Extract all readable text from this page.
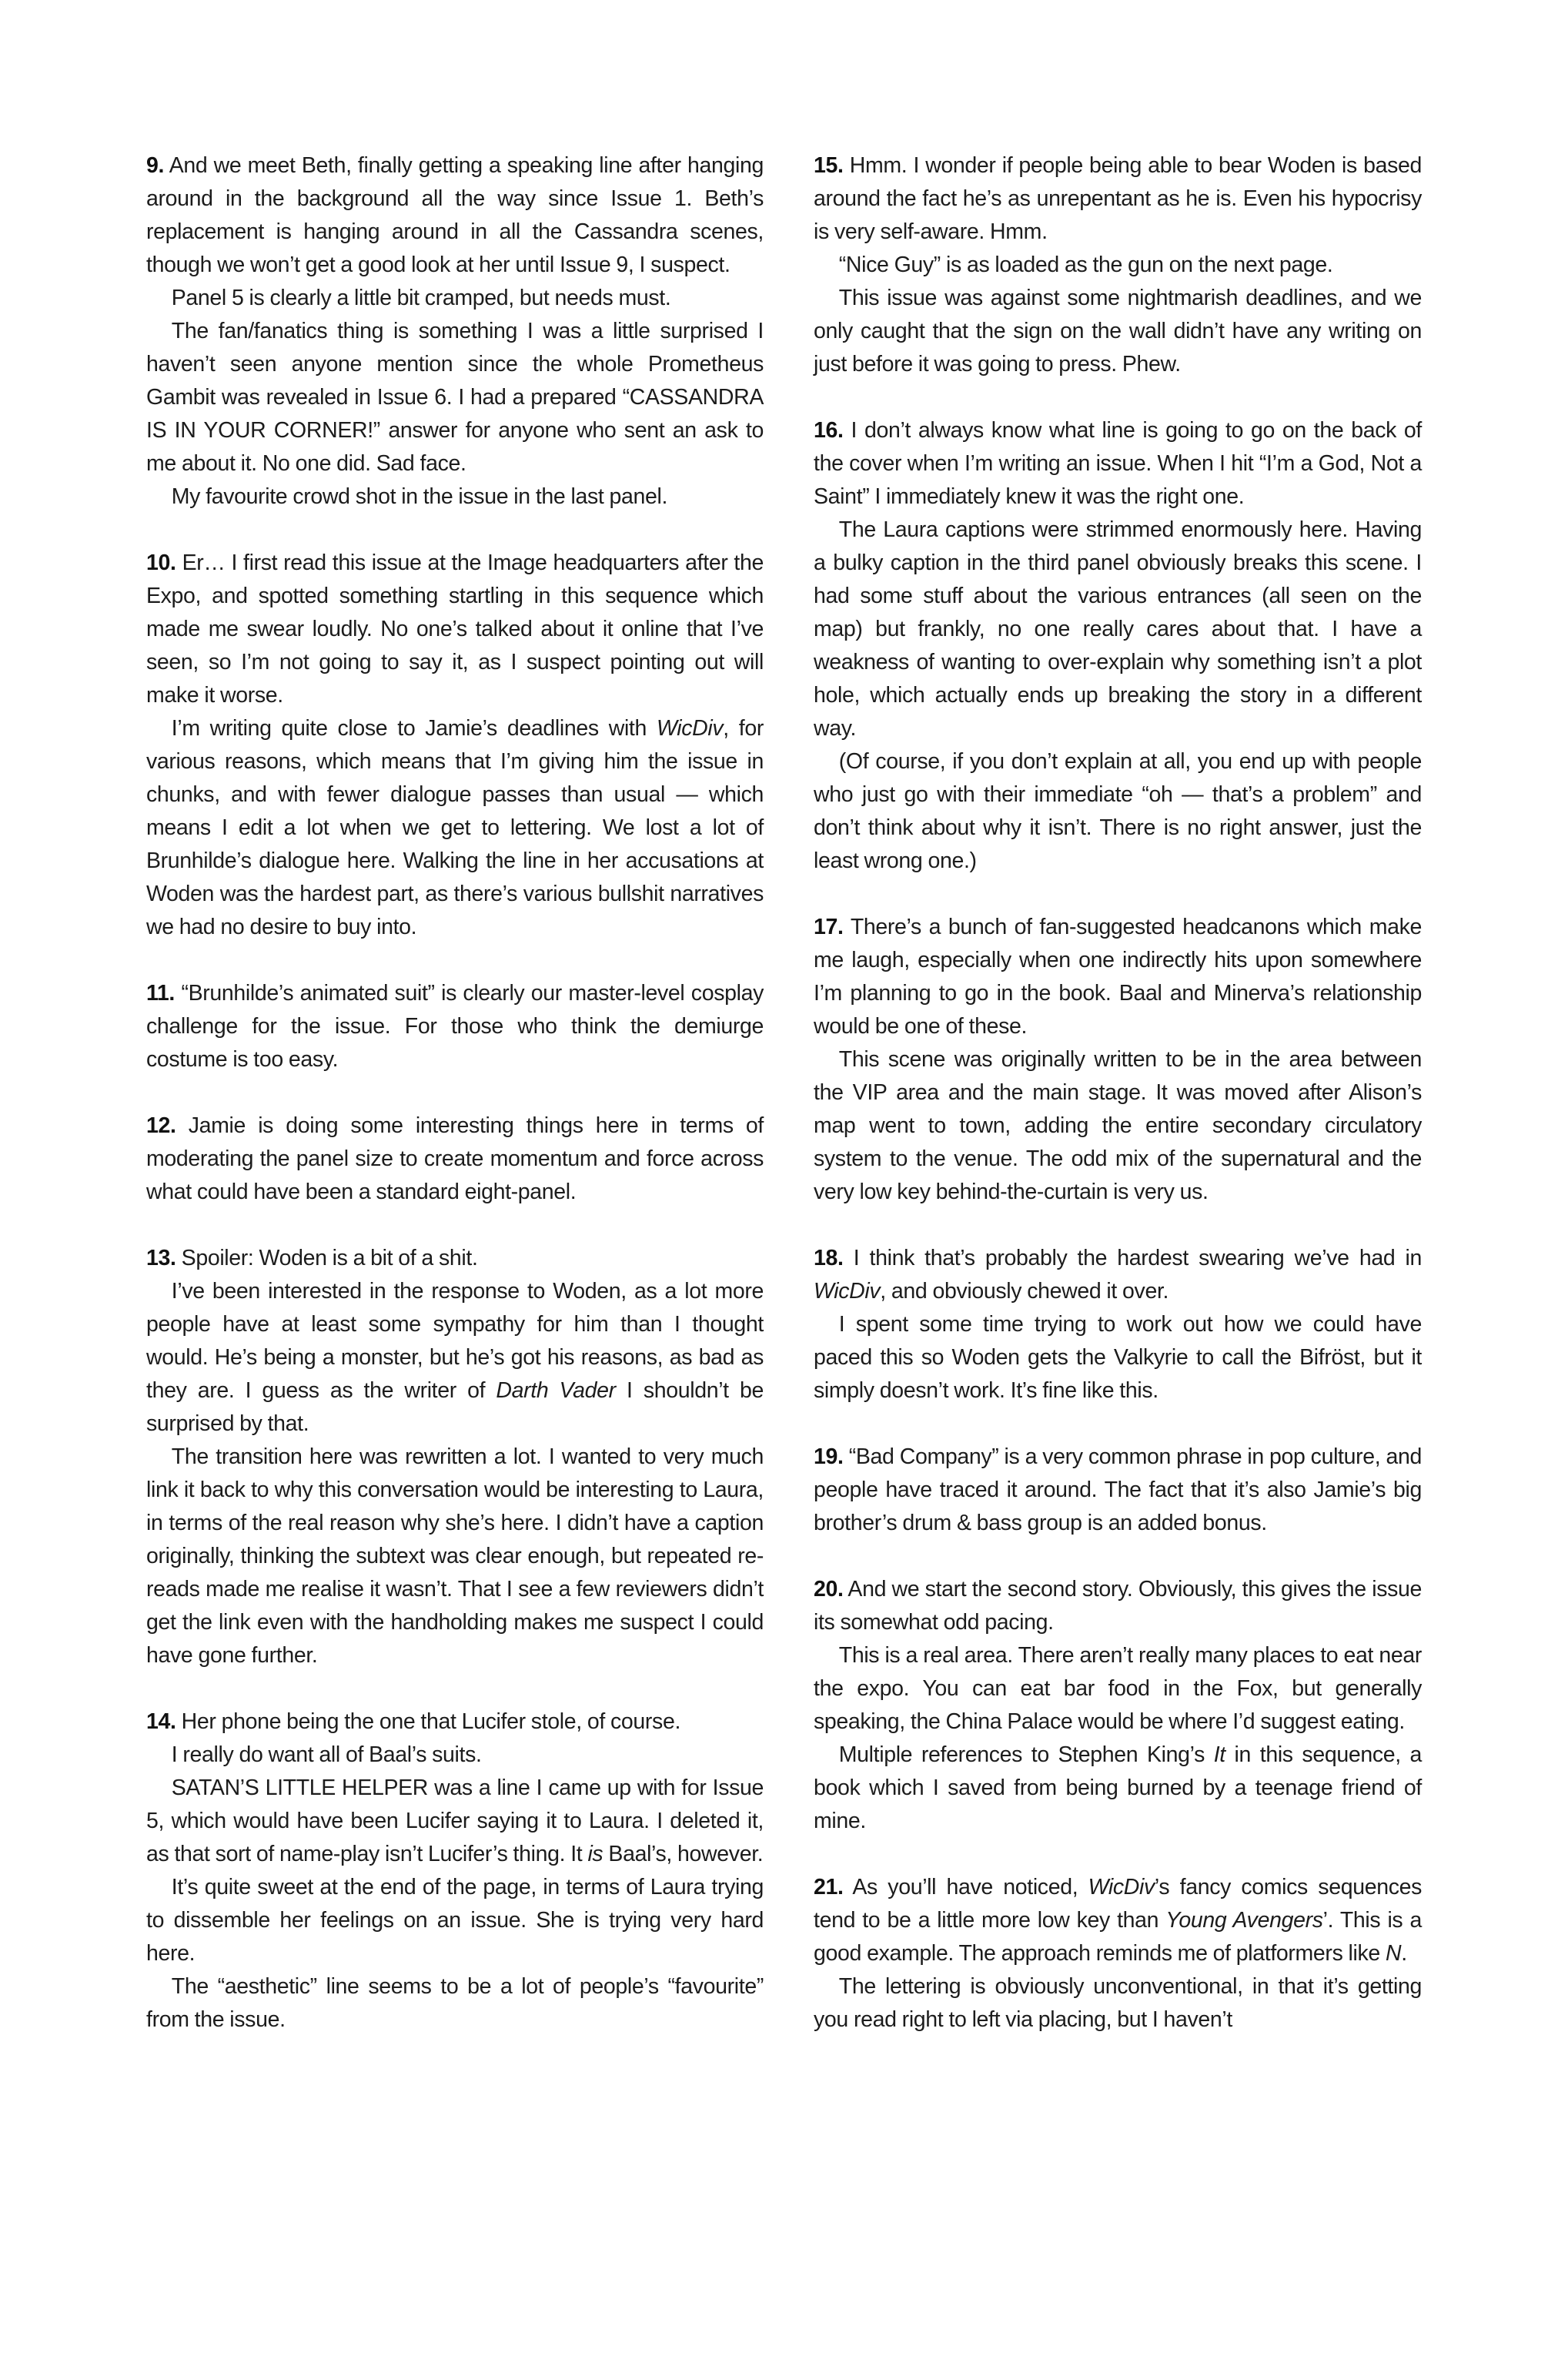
9. And we meet Beth, finally getting a speaking line after hanging around in the background all the way since Issue 1. Beth’s replacement is hanging around in all the Cassandra scenes, though we won’t get a good look at her until Issue 9, I suspect.

Panel 5 is clearly a little bit cramped, but needs must.

The fan/fanatics thing is something I was a little surprised I haven’t seen anyone mention since the whole Prometheus Gambit was revealed in Issue 6. I had a prepared “CASSANDRA IS IN YOUR CORNER!” answer for anyone who sent an ask to me about it. No one did. Sad face.

My favourite crowd shot in the issue in the last panel.

10. Er… I first read this issue at the Image headquarters after the Expo, and spotted something startling in this sequence which made me swear loudly. No one’s talked about it online that I’ve seen, so I’m not going to say it, as I suspect pointing out will make it worse.

I’m writing quite close to Jamie’s deadlines with WicDiv, for various reasons, which means that I’m giving him the issue in chunks, and with fewer dialogue passes than usual — which means I edit a lot when we get to lettering. We lost a lot of Brunhilde’s dialogue here. Walking the line in her accusations at Woden was the hardest part, as there’s various bullshit narratives we had no desire to buy into.

11. “Brunhilde’s animated suit” is clearly our master-level cosplay challenge for the issue. For those who think the demiurge costume is too easy.

12. Jamie is doing some interesting things here in terms of moderating the panel size to create momentum and force across what could have been a standard eight-panel.

13. Spoiler: Woden is a bit of a shit.

I’ve been interested in the response to Woden, as a lot more people have at least some sympathy for him than I thought would. He’s being a monster, but he’s got his reasons, as bad as they are. I guess as the writer of Darth Vader I shouldn’t be surprised by that.

The transition here was rewritten a lot. I wanted to very much link it back to why this conversation would be interesting to Laura, in terms of the real reason why she’s here. I didn’t have a caption originally, thinking the subtext was clear enough, but repeated re-reads made me realise it wasn’t. That I see a few reviewers didn’t get the link even with the handholding makes me suspect I could have gone further.

14. Her phone being the one that Lucifer stole, of course.

I really do want all of Baal’s suits.

SATAN’S LITTLE HELPER was a line I came up with for Issue 5, which would have been Lucifer saying it to Laura. I deleted it, as that sort of name-play isn’t Lucifer’s thing. It is Baal’s, however.

It’s quite sweet at the end of the page, in terms of Laura trying to dissemble her feelings on an issue. She is trying very hard here.

The “aesthetic” line seems to be a lot of people’s “favourite” from the issue.

15. Hmm. I wonder if people being able to bear Woden is based around the fact he’s as unrepentant as he is. Even his hypocrisy is very self-aware. Hmm.

“Nice Guy” is as loaded as the gun on the next page.

This issue was against some nightmarish deadlines, and we only caught that the sign on the wall didn’t have any writing on just before it was going to press. Phew.

16. I don’t always know what line is going to go on the back of the cover when I’m writing an issue. When I hit “I’m a God, Not a Saint” I immediately knew it was the right one.

The Laura captions were strimmed enormously here. Having a bulky caption in the third panel obviously breaks this scene. I had some stuff about the various entrances (all seen on the map) but frankly, no one really cares about that. I have a weakness of wanting to over-explain why something isn’t a plot hole, which actually ends up breaking the story in a different way.

(Of course, if you don’t explain at all, you end up with people who just go with their immediate “oh — that’s a problem” and don’t think about why it isn’t. There is no right answer, just the least wrong one.)

17. There’s a bunch of fan-suggested headcanons which make me laugh, especially when one indirectly hits upon somewhere I’m planning to go in the book. Baal and Minerva’s relationship would be one of these.

This scene was originally written to be in the area between the VIP area and the main stage. It was moved after Alison’s map went to town, adding the entire secondary circulatory system to the venue. The odd mix of the supernatural and the very low key behind-the-curtain is very us.

18. I think that’s probably the hardest swearing we’ve had in WicDiv, and obviously chewed it over.

I spent some time trying to work out how we could have paced this so Woden gets the Valkyrie to call the Bifröst, but it simply doesn’t work. It’s fine like this.

19. “Bad Company” is a very common phrase in pop culture, and people have traced it around. The fact that it’s also Jamie’s big brother’s drum & bass group is an added bonus.

20. And we start the second story. Obviously, this gives the issue its somewhat odd pacing.

This is a real area. There aren’t really many places to eat near the expo. You can eat bar food in the Fox, but generally speaking, the China Palace would be where I’d suggest eating.

Multiple references to Stephen King’s It in this sequence, a book which I saved from being burned by a teenage friend of mine.

21. As you’ll have noticed, WicDiv’s fancy comics sequences tend to be a little more low key than Young Avengers’. This is a good example. The approach reminds me of platformers like N.

The lettering is obviously unconventional, in that it’s getting you read right to left via placing, but I haven’t
